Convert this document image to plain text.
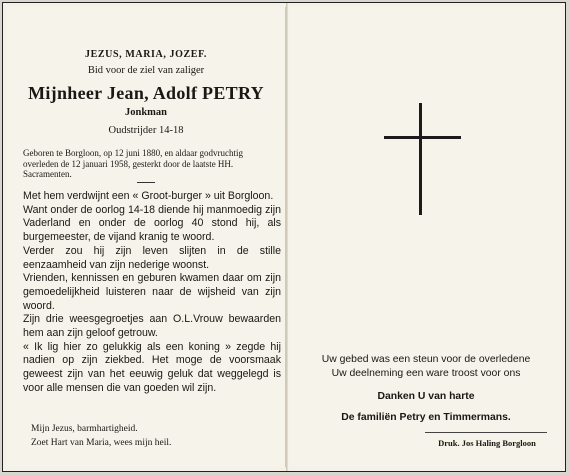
JEZUS, MARIA, JOZEF.
Bid voor de ziel van zaliger
Mijnheer Jean, Adolf PETRY
Jonkman
Oudstrijder 14-18
Geboren te Borgloon, op 12 juni 1880, en aldaar godvruchtig overleden de 12 januari 1958, gesterkt door de laatste HH. Sacramenten.

Met hem verdwijnt een « Groot-burger » uit Borgloon.

Want onder de oorlog 14-18 diende hij manmoedig zijn Vaderland en onder de oorlog 40 stond hij, als burgemeester, de vijand kranig te woord.

Verder zou hij zijn leven slijten in de stille eenzaamheid van zijn nederige woonst.

Vrienden, kennissen en geburen kwamen daar om zijn gemoedelijkheid luisteren naar de wijsheid van zijn woord.

Zijn drie weesgegroetjes aan O.L.Vrouw bewaarden hem aan zijn geloof getrouw.

« Ik lig hier zo gelukkig als een koning » zegde hij nadien op zijn ziekbed. Het moge de voorsmaak geweest zijn van het eeuwig geluk dat weggelegd is voor alle mensen die van goeden wil zijn.

Mijn Jezus, barmhartigheid.
Zoet Hart van Maria, wees mijn heil.
Uw gebed was een steun voor de overledene
Uw deelneming een ware troost voor ons
Danken U van harte
De familiën Petry en Timmermans.
Druk. Jos Haling Borgloon
